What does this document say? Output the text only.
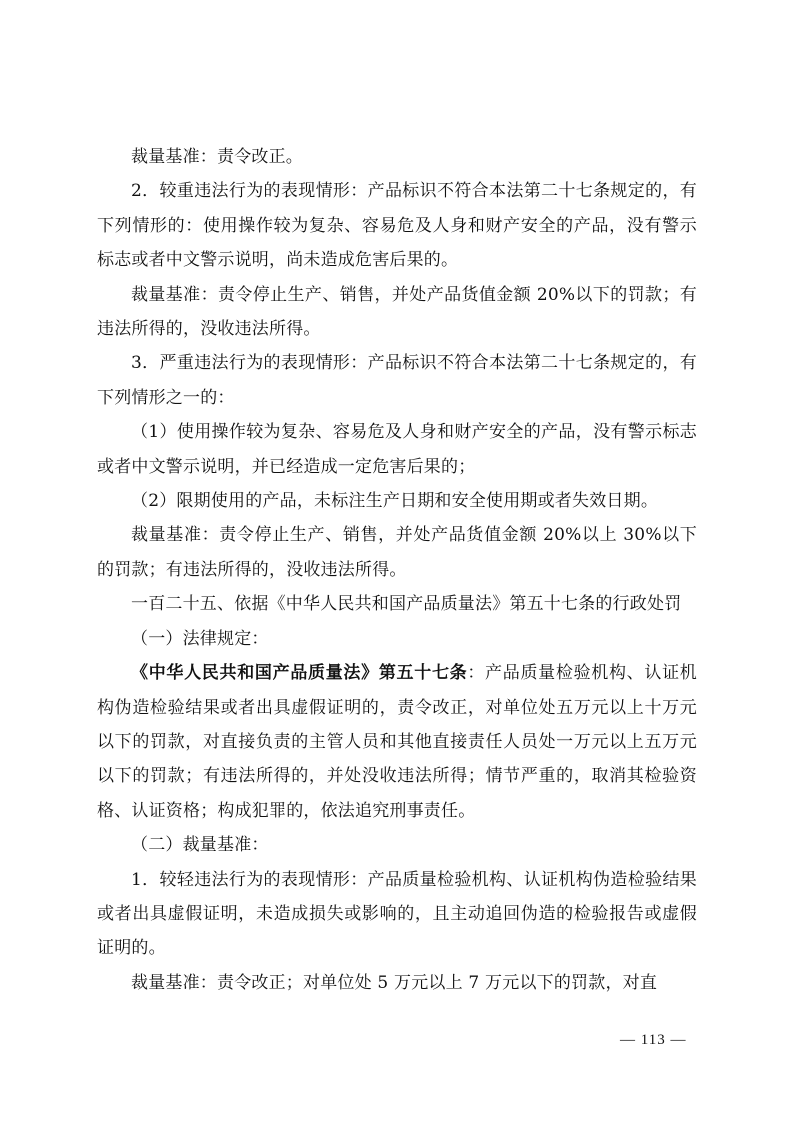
裁量基准：责令改正。

2．较重违法行为的表现情形：产品标识不符合本法第二十七条规定的，有下列情形的：使用操作较为复杂、容易危及人身和财产安全的产品，没有警示标志或者中文警示说明，尚未造成危害后果的。

裁量基准：责令停止生产、销售，并处产品货值金额 20%以下的罚款；有违法所得的，没收违法所得。

3．严重违法行为的表现情形：产品标识不符合本法第二十七条规定的，有下列情形之一的：

（1）使用操作较为复杂、容易危及人身和财产安全的产品，没有警示标志或者中文警示说明，并已经造成一定危害后果的；

（2）限期使用的产品，未标注生产日期和安全使用期或者失效日期。

裁量基准：责令停止生产、销售，并处产品货值金额 20%以上 30%以下的罚款；有违法所得的，没收违法所得。

一百二十五、依据《中华人民共和国产品质量法》第五十七条的行政处罚

（一）法律规定：

《中华人民共和国产品质量法》第五十七条：产品质量检验机构、认证机构伪造检验结果或者出具虚假证明的，责令改正，对单位处五万元以上十万元以下的罚款，对直接负责的主管人员和其他直接责任人员处一万元以上五万元以下的罚款；有违法所得的，并处没收违法所得；情节严重的，取消其检验资格、认证资格；构成犯罪的，依法追究刑事责任。

（二）裁量基准：

1．较轻违法行为的表现情形：产品质量检验机构、认证机构伪造检验结果或者出具虚假证明，未造成损失或影响的，且主动追回伪造的检验报告或虚假证明的。

裁量基准：责令改正；对单位处 5 万元以上 7 万元以下的罚款，对直

— 113 —
